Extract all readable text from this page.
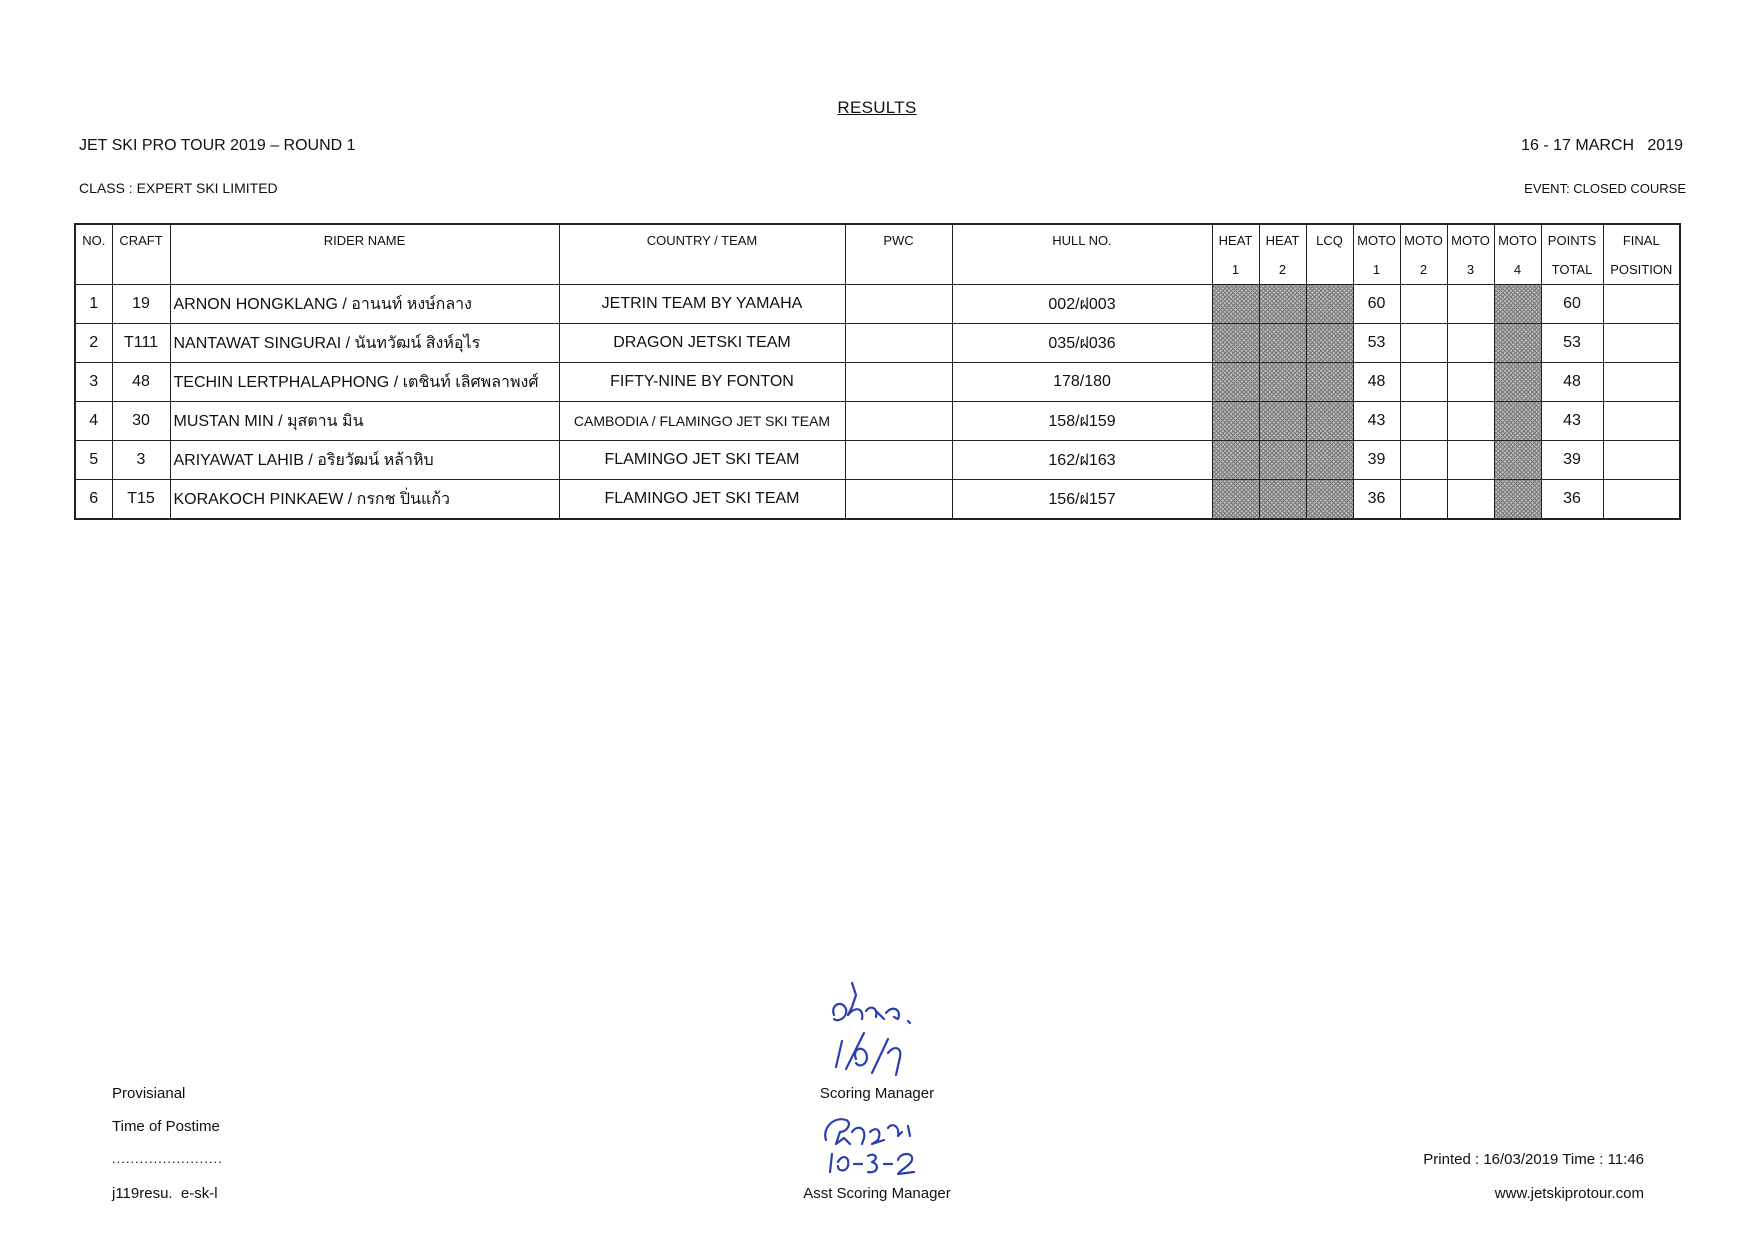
RESULTS
JET SKI PRO TOUR 2019 – ROUND 1	16 - 17 MARCH   2019
CLASS : EXPERT SKI LIMITED	EVENT: CLOSED COURSE
NO.	CRAFT	RIDER NAME	COUNTRY / TEAM	PWC	HULL NO.	HEAT	HEAT	LCQ	MOTO	MOTO	MOTO	MOTO	POINTS	FINAL
						1	2		1	2	3	4	TOTAL	POSITION
1	19	ARNON HONGKLANG / อานนท์ หงษ์กลาง	JETRIN TEAM BY YAMAHA		002/ฝ003				60				60	
2	T111	NANTAWAT SINGURAI / นันทวัฒน์ สิงห์อุไร	DRAGON JETSKI TEAM		035/ฝ036				53				53	
3	48	TECHIN LERTPHALAPHONG / เตชินท์ เลิศพลาพงศ์	FIFTY-NINE BY FONTON		178/180				48				48	
4	30	MUSTAN MIN / มุสตาน มิน	CAMBODIA / FLAMINGO JET SKI TEAM		158/ฝ159				43				43	
5	3	ARIYAWAT LAHIB / อริยวัฒน์ หล้าหิบ	FLAMINGO JET SKI TEAM		162/ฝ163				39				39	
6	T15	KORAKOCH PINKAEW / กรกช ปิ่นแก้ว	FLAMINGO JET SKI TEAM		156/ฝ157				36				36	
Provisianal
Time of Postime
........................
j119resu.  e-sk-l
Scoring Manager
Asst Scoring Manager
Printed : 16/03/2019 Time : 11:46
www.jetskiprotour.com
